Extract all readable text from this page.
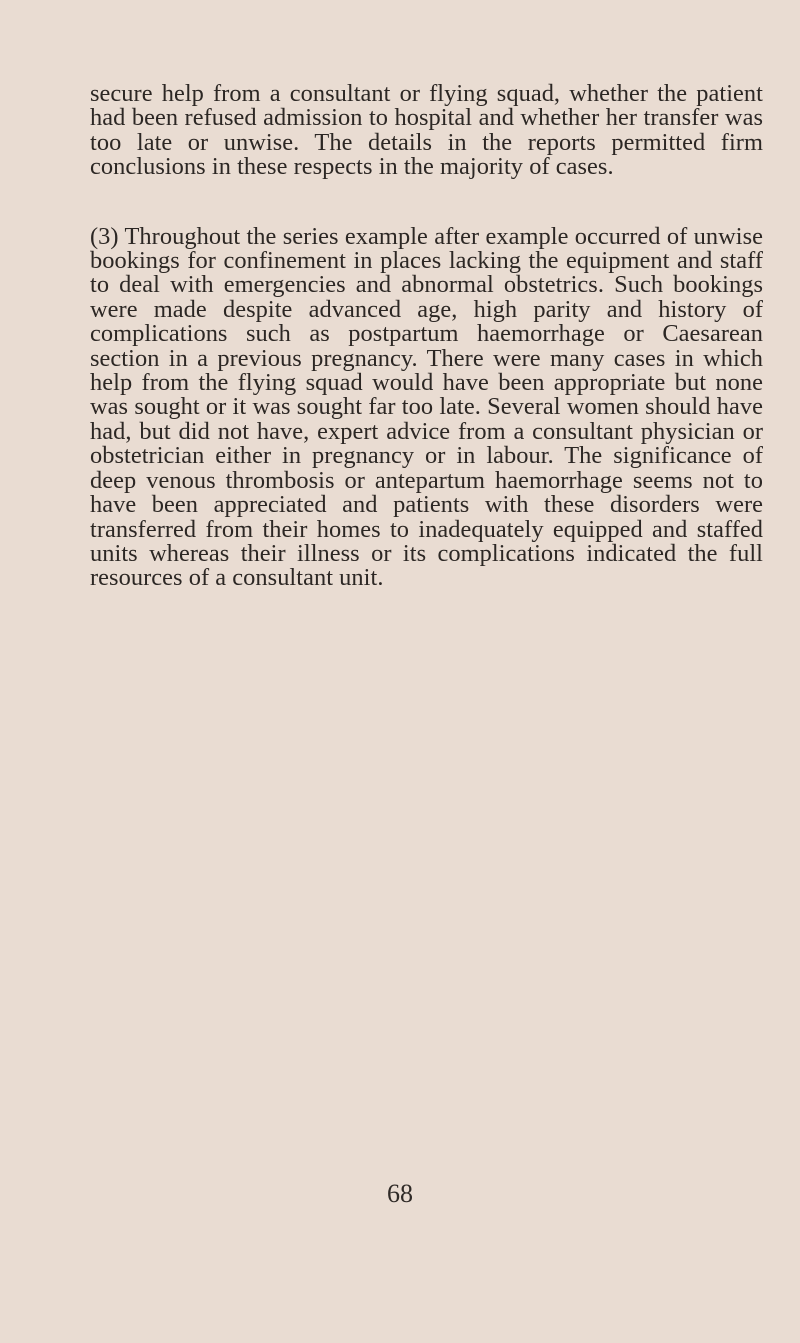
secure help from a consultant or flying squad, whether the patient had been refused admission to hospital and whether her transfer was too late or unwise. The details in the reports permitted firm conclusions in these respects in the majority of cases.

(3) Throughout the series example after example occurred of unwise bookings for confinement in places lacking the equipment and staff to deal with emergencies and abnormal obstetrics. Such bookings were made despite advanced age, high parity and history of complications such as postpartum haemorrhage or Caesarean section in a previous pregnancy. There were many cases in which help from the flying squad would have been appropriate but none was sought or it was sought far too late. Several women should have had, but did not have, expert advice from a consultant physician or obstetrician either in pregnancy or in labour. The significance of deep venous thrombosis or antepartum haemorrhage seems not to have been appreciated and patients with these disorders were transferred from their homes to inadequately equipped and staffed units whereas their illness or its complications indicated the full resources of a consultant unit.

68
